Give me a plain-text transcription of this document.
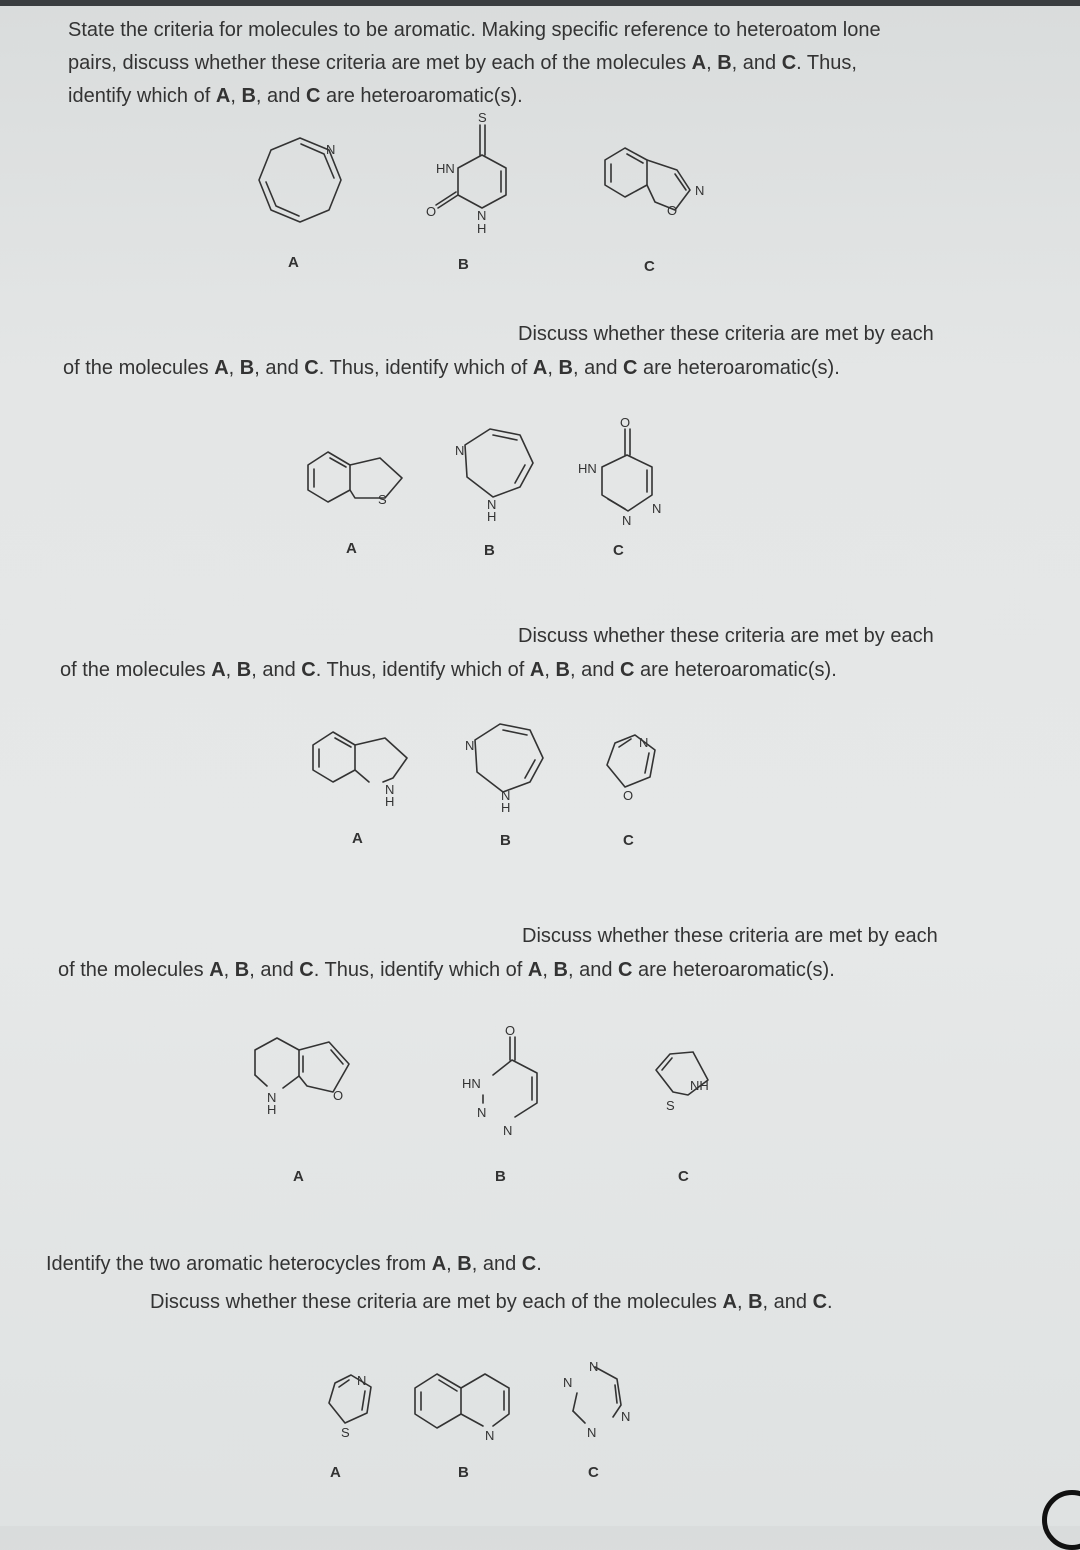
State the criteria for molecules to be aromatic. Making specific reference to heteroatom lone
pairs, discuss whether these criteria are met by each of the molecules A, B, and C. Thus,
identify which of A, B, and C are heteroaromatic(s).
N
S
HN
O	N
H
O
N
A	B	C
Discuss whether these criteria are met by each
of the molecules A, B, and C. Thus, identify which of A, B, and C are heteroaromatic(s).
S
N
N
H
O
HN
N
N
A	B	C
Discuss whether these criteria are met by each
of the molecules A, B, and C. Thus, identify which of A, B, and C are heteroaromatic(s).
N
H
N
N
H
N
O
A	B	C
Discuss whether these criteria are met by each
of the molecules A, B, and C. Thus, identify which of A, B, and C are heteroaromatic(s).
N
H
O
O
HN
N
N
NH
S
A	B	C
Identify the two aromatic heterocycles from A, B, and C.
Discuss whether these criteria are met by each of the molecules A, B, and C.
N
S	N
N
N
N
N
A	B	C
